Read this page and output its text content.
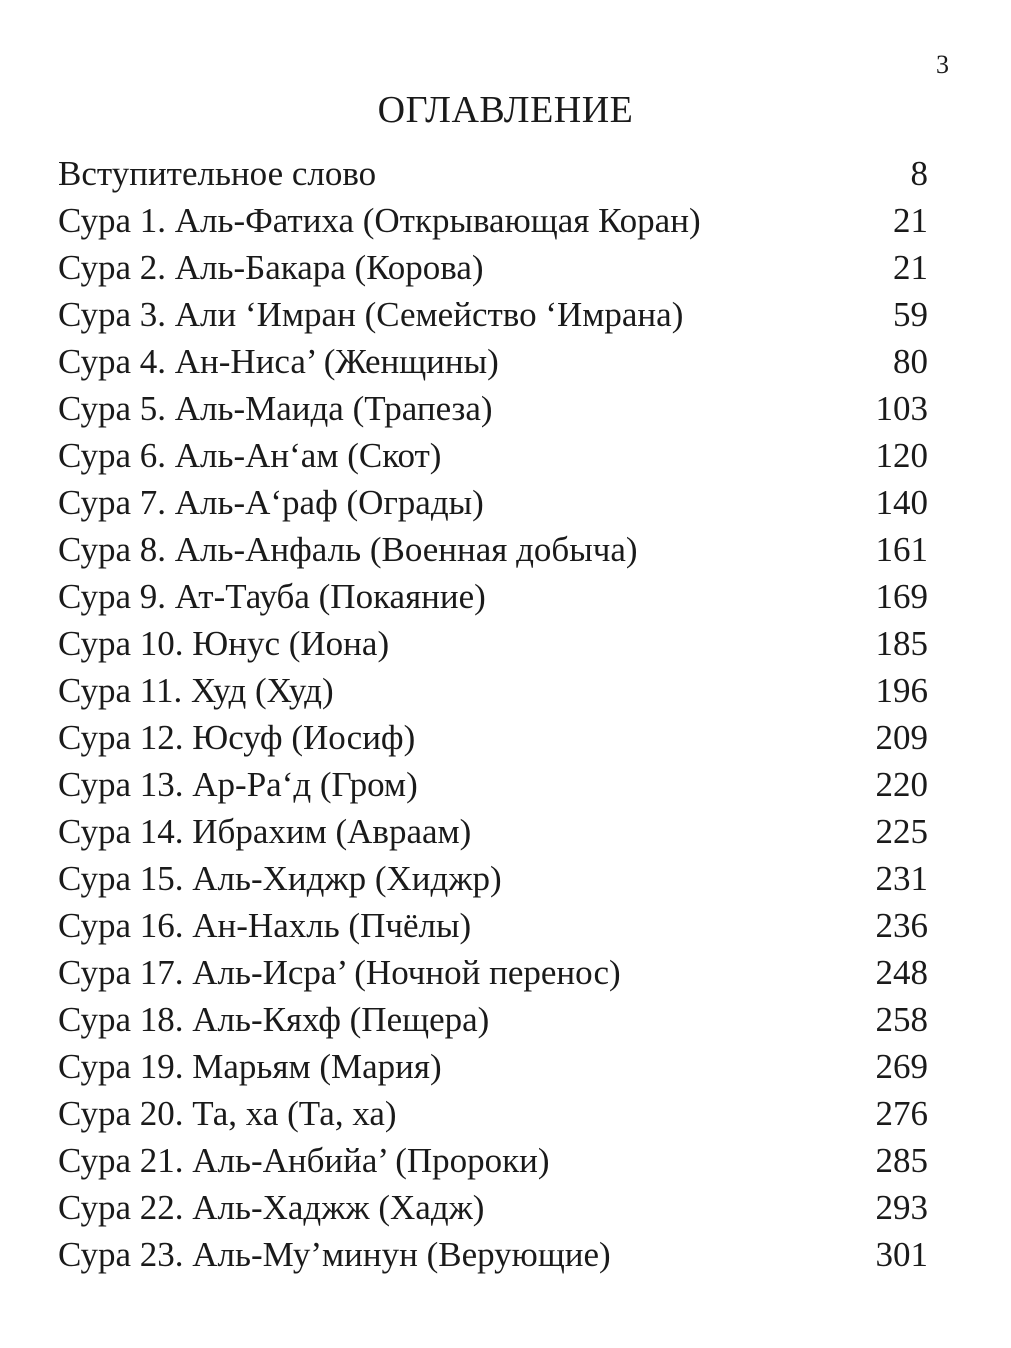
3
ОГЛАВЛЕНИЕ
Вступительное слово	8
Сура 1. Аль-Фатиха (Открывающая Коран)	21
Сура 2. Аль-Бакара (Корова)	21
Сура 3. Али ‘Имран (Семейство ‘Имрана)	59
Сура 4. Ан-Ниса’ (Женщины)	80
Сура 5. Аль-Маида (Трапеза)	103
Сура 6. Аль-Ан‘ам (Скот)	120
Сура 7. Аль-А‘раф (Ограды)	140
Сура 8. Аль-Анфаль (Военная добыча)	161
Сура 9. Ат-Тауба (Покаяние)	169
Сура 10. Юнус (Иона)	185
Сура 11. Худ (Худ)	196
Сура 12. Юсуф (Иосиф)	209
Сура 13. Ар-Ра‘д (Гром)	220
Сура 14. Ибрахим (Авраам)	225
Сура 15. Аль-Хиджр (Хиджр)	231
Сура 16. Ан-Нахль (Пчёлы)	236
Сура 17. Аль-Исра’ (Ночной перенос)	248
Сура 18. Аль-Кяхф (Пещера)	258
Сура 19. Марьям (Мария)	269
Сура 20. Та, ха (Та, ха)	276
Сура 21. Аль-Анбийа’ (Пророки)	285
Сура 22. Аль-Хаджж (Хадж)	293
Сура 23. Аль-Му’минун (Верующие)	301
